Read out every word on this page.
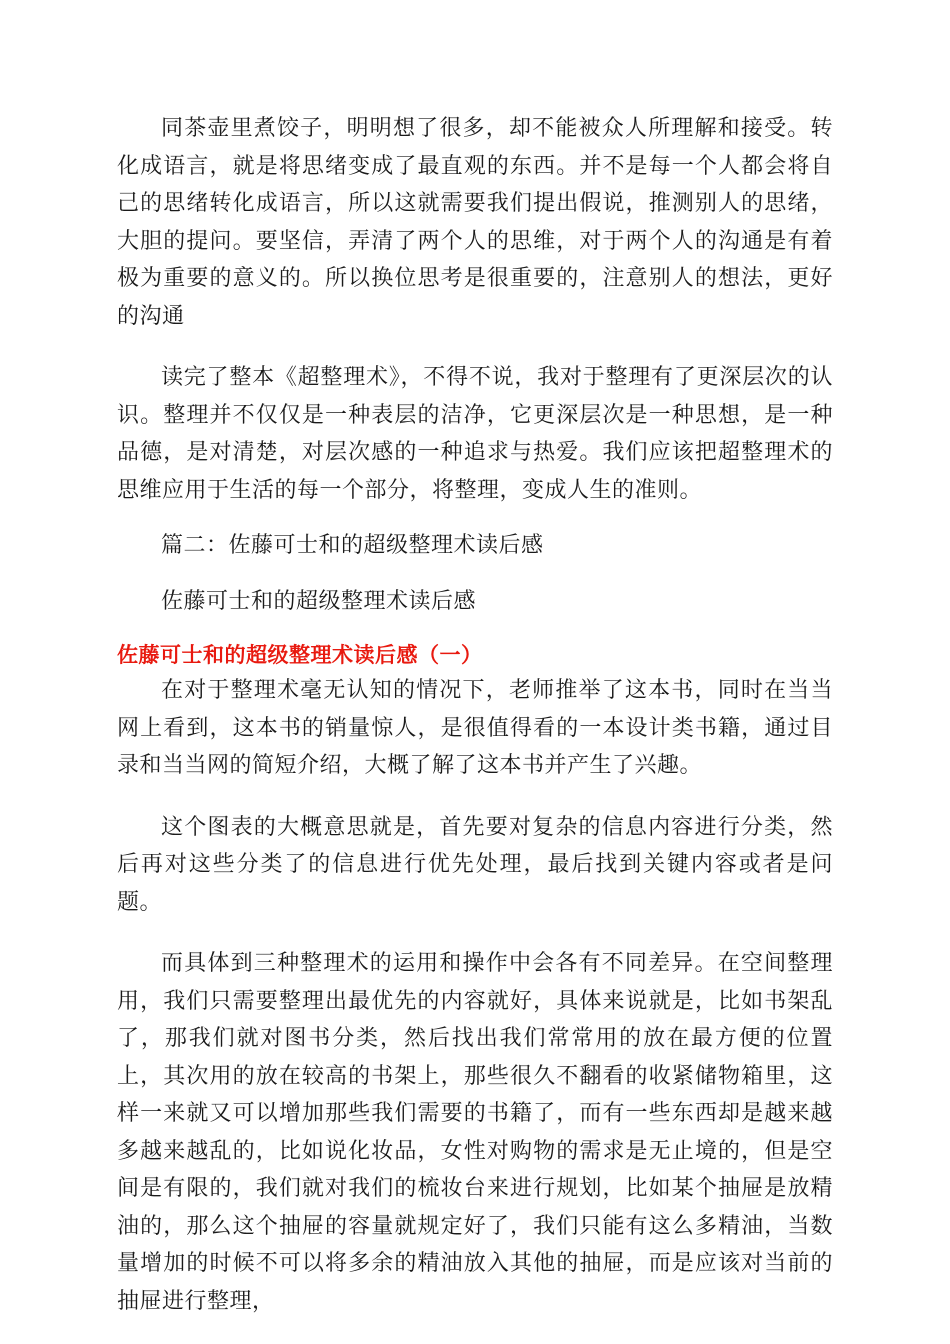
同茶壶里煮饺子，明明想了很多，却不能被众人所理解和接受。转化成语言，就是将思绪变成了最直观的东西。并不是每一个人都会将自己的思绪转化成语言，所以这就需要我们提出假说，推测别人的思绪，大胆的提问。要坚信，弄清了两个人的思维，对于两个人的沟通是有着极为重要的意义的。所以换位思考是很重要的，注意别人的想法，更好的沟通

读完了整本《超整理术》，不得不说，我对于整理有了更深层次的认识。整理并不仅仅是一种表层的洁净，它更深层次是一种思想，是一种品德，是对清楚，对层次感的一种追求与热爱。我们应该把超整理术的思维应用于生活的每一个部分，将整理，变成人生的准则。

篇二：佐藤可士和的超级整理术读后感

佐藤可士和的超级整理术读后感

佐藤可士和的超级整理术读后感（一）

在对于整理术毫无认知的情况下，老师推举了这本书，同时在当当网上看到，这本书的销量惊人，是很值得看的一本设计类书籍，通过目录和当当网的简短介绍，大概了解了这本书并产生了兴趣。

这个图表的大概意思就是，首先要对复杂的信息内容进行分类，然后再对这些分类了的信息进行优先处理，最后找到关键内容或者是问题。

而具体到三种整理术的运用和操作中会各有不同差异。在空间整理用，我们只需要整理出最优先的内容就好，具体来说就是，比如书架乱了，那我们就对图书分类，然后找出我们常常用的放在最方便的位置上，其次用的放在较高的书架上，那些很久不翻看的收紧储物箱里，这样一来就又可以增加那些我们需要的书籍了，而有一些东西却是越来越多越来越乱的，比如说化妆品，女性对购物的需求是无止境的，但是空间是有限的，我们就对我们的梳妆台来进行规划，比如某个抽屉是放精油的，那么这个抽屉的容量就规定好了，我们只能有这么多精油，当数量增加的时候不可以将多余的精油放入其他的抽屉，而是应该对当前的抽屉进行整理，
